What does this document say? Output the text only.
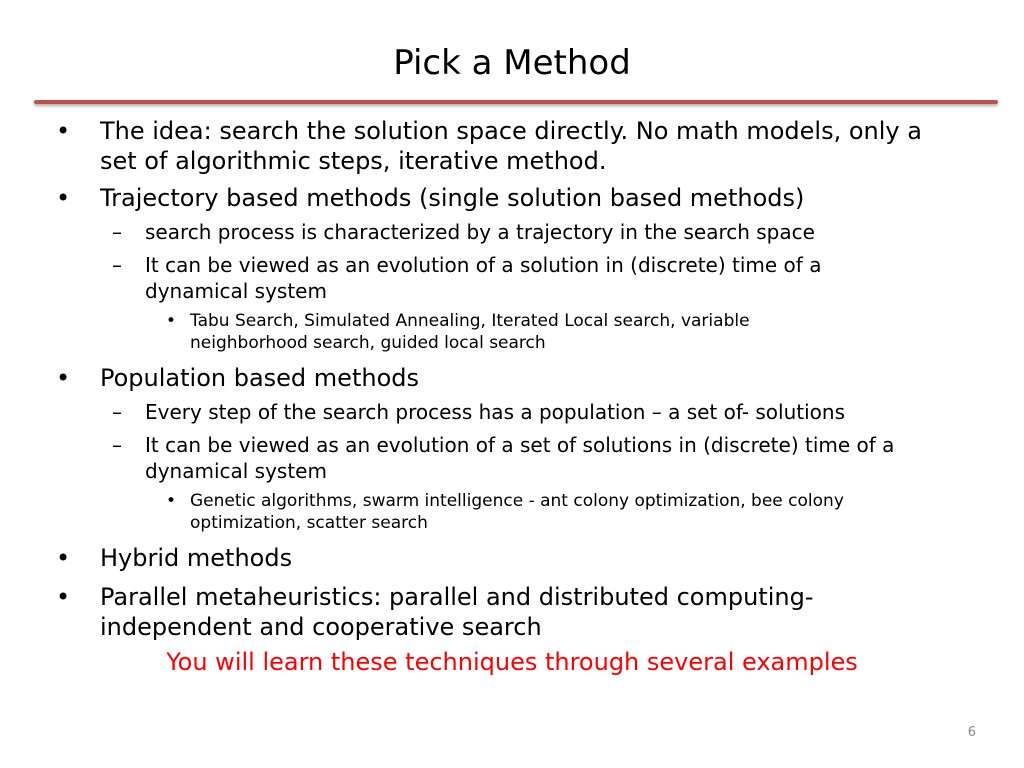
Pick a Method
• The idea: search the solution space directly. No math models, only a
set of algorithmic steps, iterative method.
• Trajectory based methods (single solution based methods)
– search process is characterized by a trajectory in the search space
– It can be viewed as an evolution of a solution in (discrete) time of a
dynamical system
• Tabu Search, Simulated Annealing, Iterated Local search, variable
neighborhood search, guided local search
• Population based methods
– Every step of the search process has a population – a set of- solutions
– It can be viewed as an evolution of a set of solutions in (discrete) time of a
dynamical system
• Genetic algorithms, swarm intelligence - ant colony optimization, bee colony
optimization, scatter search
• Hybrid methods
• Parallel metaheuristics: parallel and distributed computing-
independent and cooperative search
You will learn these techniques through several examples
6
